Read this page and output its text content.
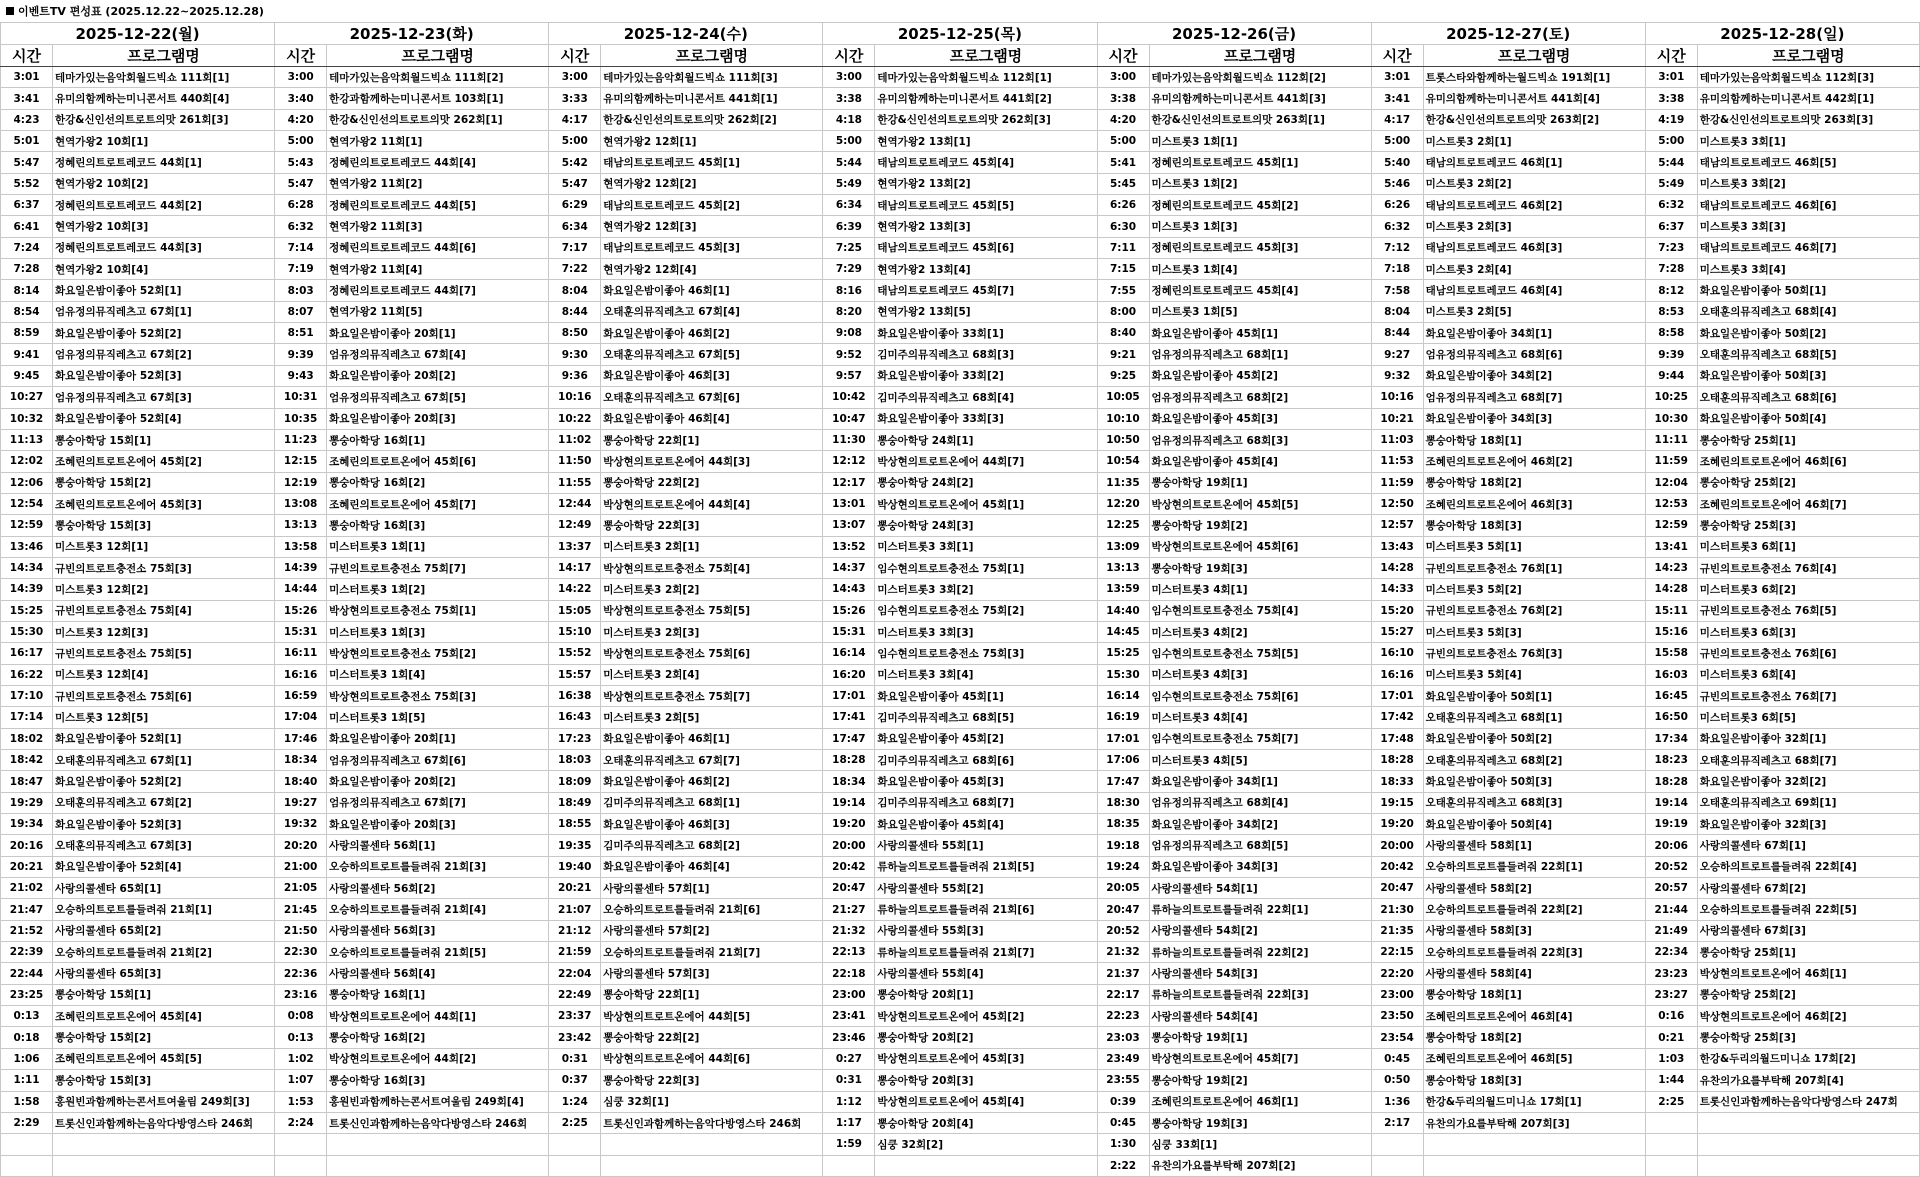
이벤트TV 편성표 (2025.12.22~2025.12.28)
2025-12-22(월)		2025-12-23(화)		2025-12-24(수)		2025-12-25(목)		2025-12-26(금)		2025-12-27(토)		2025-12-28(일)	
시간	프로그램명	시간	프로그램명	시간	프로그램명	시간	프로그램명	시간	프로그램명	시간	프로그램명	시간	프로그램명
3:01	테마가있는음악회월드빅쇼 111회[1]	3:00	테마가있는음악회월드빅쇼 111회[2]	3:00	테마가있는음악회월드빅쇼 111회[3]	3:00	테마가있는음악회월드빅쇼 112회[1]	3:00	테마가있는음악회월드빅쇼 112회[2]	3:01	트롯스타와함께하는월드빅쇼 191회[1]	3:01	테마가있는음악회월드빅쇼 112회[3]
3:41	유미의함께하는미니콘서트 440회[4]	3:40	한강과함께하는미니콘서트 103회[1]	3:33	유미의함께하는미니콘서트 441회[1]	3:38	유미의함께하는미니콘서트 441회[2]	3:38	유미의함께하는미니콘서트 441회[3]	3:41	유미의함께하는미니콘서트 441회[4]	3:38	유미의함께하는미니콘서트 442회[1]
4:23	한강&신인선의트로트의맛 261회[3]	4:20	한강&신인선의트로트의맛 262회[1]	4:17	한강&신인선의트로트의맛 262회[2]	4:18	한강&신인선의트로트의맛 262회[3]	4:20	한강&신인선의트로트의맛 263회[1]	4:17	한강&신인선의트로트의맛 263회[2]	4:19	한강&신인선의트로트의맛 263회[3]
5:01	현역가왕2 10회[1]	5:00	현역가왕2 11회[1]	5:00	현역가왕2 12회[1]	5:00	현역가왕2 13회[1]	5:00	미스트롯3 1회[1]	5:00	미스트롯3 2회[1]	5:00	미스트롯3 3회[1]
5:47	정혜린의트로트레코드 44회[1]	5:43	정혜린의트로트레코드 44회[4]	5:42	태남의트로트레코드 45회[1]	5:44	태남의트로트레코드 45회[4]	5:41	정혜린의트로트레코드 45회[1]	5:40	태남의트로트레코드 46회[1]	5:44	태남의트로트레코드 46회[5]
5:52	현역가왕2 10회[2]	5:47	현역가왕2 11회[2]	5:47	현역가왕2 12회[2]	5:49	현역가왕2 13회[2]	5:45	미스트롯3 1회[2]	5:46	미스트롯3 2회[2]	5:49	미스트롯3 3회[2]
6:37	정혜린의트로트레코드 44회[2]	6:28	정혜린의트로트레코드 44회[5]	6:29	태남의트로트레코드 45회[2]	6:34	태남의트로트레코드 45회[5]	6:26	정혜린의트로트레코드 45회[2]	6:26	태남의트로트레코드 46회[2]	6:32	태남의트로트레코드 46회[6]
6:41	현역가왕2 10회[3]	6:32	현역가왕2 11회[3]	6:34	현역가왕2 12회[3]	6:39	현역가왕2 13회[3]	6:30	미스트롯3 1회[3]	6:32	미스트롯3 2회[3]	6:37	미스트롯3 3회[3]
7:24	정혜린의트로트레코드 44회[3]	7:14	정혜린의트로트레코드 44회[6]	7:17	태남의트로트레코드 45회[3]	7:25	태남의트로트레코드 45회[6]	7:11	정혜린의트로트레코드 45회[3]	7:12	태남의트로트레코드 46회[3]	7:23	태남의트로트레코드 46회[7]
7:28	현역가왕2 10회[4]	7:19	현역가왕2 11회[4]	7:22	현역가왕2 12회[4]	7:29	현역가왕2 13회[4]	7:15	미스트롯3 1회[4]	7:18	미스트롯3 2회[4]	7:28	미스트롯3 3회[4]
8:14	화요일은밤이좋아 52회[1]	8:03	정혜린의트로트레코드 44회[7]	8:04	화요일은밤이좋아 46회[1]	8:16	태남의트로트레코드 45회[7]	7:55	정혜린의트로트레코드 45회[4]	7:58	태남의트로트레코드 46회[4]	8:12	화요일은밤이좋아 50회[1]
8:54	엄유정의뮤직레츠고 67회[1]	8:07	현역가왕2 11회[5]	8:44	오태훈의뮤직레츠고 67회[4]	8:20	현역가왕2 13회[5]	8:00	미스트롯3 1회[5]	8:04	미스트롯3 2회[5]	8:53	오태훈의뮤직레츠고 68회[4]
8:59	화요일은밤이좋아 52회[2]	8:51	화요일은밤이좋아 20회[1]	8:50	화요일은밤이좋아 46회[2]	9:08	화요일은밤이좋아 33회[1]	8:40	화요일은밤이좋아 45회[1]	8:44	화요일은밤이좋아 34회[1]	8:58	화요일은밤이좋아 50회[2]
9:41	엄유정의뮤직레츠고 67회[2]	9:39	엄유정의뮤직레츠고 67회[4]	9:30	오태훈의뮤직레츠고 67회[5]	9:52	김미주의뮤직레츠고 68회[3]	9:21	엄유정의뮤직레츠고 68회[1]	9:27	엄유정의뮤직레츠고 68회[6]	9:39	오태훈의뮤직레츠고 68회[5]
9:45	화요일은밤이좋아 52회[3]	9:43	화요일은밤이좋아 20회[2]	9:36	화요일은밤이좋아 46회[3]	9:57	화요일은밤이좋아 33회[2]	9:25	화요일은밤이좋아 45회[2]	9:32	화요일은밤이좋아 34회[2]	9:44	화요일은밤이좋아 50회[3]
10:27	엄유정의뮤직레츠고 67회[3]	10:31	엄유정의뮤직레츠고 67회[5]	10:16	오태훈의뮤직레츠고 67회[6]	10:42	김미주의뮤직레츠고 68회[4]	10:05	엄유정의뮤직레츠고 68회[2]	10:16	엄유정의뮤직레츠고 68회[7]	10:25	오태훈의뮤직레츠고 68회[6]
10:32	화요일은밤이좋아 52회[4]	10:35	화요일은밤이좋아 20회[3]	10:22	화요일은밤이좋아 46회[4]	10:47	화요일은밤이좋아 33회[3]	10:10	화요일은밤이좋아 45회[3]	10:21	화요일은밤이좋아 34회[3]	10:30	화요일은밤이좋아 50회[4]
11:13	뽕숭아학당 15회[1]	11:23	뽕숭아학당 16회[1]	11:02	뽕숭아학당 22회[1]	11:30	뽕숭아학당 24회[1]	10:50	엄유정의뮤직레츠고 68회[3]	11:03	뽕숭아학당 18회[1]	11:11	뽕숭아학당 25회[1]
12:02	조혜린의트로트온에어 45회[2]	12:15	조혜린의트로트온에어 45회[6]	11:50	박상현의트로트온에어 44회[3]	12:12	박상현의트로트온에어 44회[7]	10:54	화요일은밤이좋아 45회[4]	11:53	조혜린의트로트온에어 46회[2]	11:59	조혜린의트로트온에어 46회[6]
12:06	뽕숭아학당 15회[2]	12:19	뽕숭아학당 16회[2]	11:55	뽕숭아학당 22회[2]	12:17	뽕숭아학당 24회[2]	11:35	뽕숭아학당 19회[1]	11:59	뽕숭아학당 18회[2]	12:04	뽕숭아학당 25회[2]
12:54	조혜린의트로트온에어 45회[3]	13:08	조혜린의트로트온에어 45회[7]	12:44	박상현의트로트온에어 44회[4]	13:01	박상현의트로트온에어 45회[1]	12:20	박상현의트로트온에어 45회[5]	12:50	조혜린의트로트온에어 46회[3]	12:53	조혜린의트로트온에어 46회[7]
12:59	뽕숭아학당 15회[3]	13:13	뽕숭아학당 16회[3]	12:49	뽕숭아학당 22회[3]	13:07	뽕숭아학당 24회[3]	12:25	뽕숭아학당 19회[2]	12:57	뽕숭아학당 18회[3]	12:59	뽕숭아학당 25회[3]
13:46	미스트롯3 12회[1]	13:58	미스터트롯3 1회[1]	13:37	미스터트롯3 2회[1]	13:52	미스터트롯3 3회[1]	13:09	박상현의트로트온에어 45회[6]	13:43	미스터트롯3 5회[1]	13:41	미스터트롯3 6회[1]
14:34	규빈의트로트충전소 75회[3]	14:39	규빈의트로트충전소 75회[7]	14:17	박상현의트로트충전소 75회[4]	14:37	임수현의트로트충전소 75회[1]	13:13	뽕숭아학당 19회[3]	14:28	규빈의트로트충전소 76회[1]	14:23	규빈의트로트충전소 76회[4]
14:39	미스트롯3 12회[2]	14:44	미스터트롯3 1회[2]	14:22	미스터트롯3 2회[2]	14:43	미스터트롯3 3회[2]	13:59	미스터트롯3 4회[1]	14:33	미스터트롯3 5회[2]	14:28	미스터트롯3 6회[2]
15:25	규빈의트로트충전소 75회[4]	15:26	박상현의트로트충전소 75회[1]	15:05	박상현의트로트충전소 75회[5]	15:26	임수현의트로트충전소 75회[2]	14:40	임수현의트로트충전소 75회[4]	15:20	규빈의트로트충전소 76회[2]	15:11	규빈의트로트충전소 76회[5]
15:30	미스트롯3 12회[3]	15:31	미스터트롯3 1회[3]	15:10	미스터트롯3 2회[3]	15:31	미스터트롯3 3회[3]	14:45	미스터트롯3 4회[2]	15:27	미스터트롯3 5회[3]	15:16	미스터트롯3 6회[3]
16:17	규빈의트로트충전소 75회[5]	16:11	박상현의트로트충전소 75회[2]	15:52	박상현의트로트충전소 75회[6]	16:14	임수현의트로트충전소 75회[3]	15:25	임수현의트로트충전소 75회[5]	16:10	규빈의트로트충전소 76회[3]	15:58	규빈의트로트충전소 76회[6]
16:22	미스트롯3 12회[4]	16:16	미스터트롯3 1회[4]	15:57	미스터트롯3 2회[4]	16:20	미스터트롯3 3회[4]	15:30	미스터트롯3 4회[3]	16:16	미스터트롯3 5회[4]	16:03	미스터트롯3 6회[4]
17:10	규빈의트로트충전소 75회[6]	16:59	박상현의트로트충전소 75회[3]	16:38	박상현의트로트충전소 75회[7]	17:01	화요일은밤이좋아 45회[1]	16:14	임수현의트로트충전소 75회[6]	17:01	화요일은밤이좋아 50회[1]	16:45	규빈의트로트충전소 76회[7]
17:14	미스트롯3 12회[5]	17:04	미스터트롯3 1회[5]	16:43	미스터트롯3 2회[5]	17:41	김미주의뮤직레츠고 68회[5]	16:19	미스터트롯3 4회[4]	17:42	오태훈의뮤직레츠고 68회[1]	16:50	미스터트롯3 6회[5]
18:02	화요일은밤이좋아 52회[1]	17:46	화요일은밤이좋아 20회[1]	17:23	화요일은밤이좋아 46회[1]	17:47	화요일은밤이좋아 45회[2]	17:01	임수현의트로트충전소 75회[7]	17:48	화요일은밤이좋아 50회[2]	17:34	화요일은밤이좋아 32회[1]
18:42	오태훈의뮤직레츠고 67회[1]	18:34	엄유정의뮤직레츠고 67회[6]	18:03	오태훈의뮤직레츠고 67회[7]	18:28	김미주의뮤직레츠고 68회[6]	17:06	미스터트롯3 4회[5]	18:28	오태훈의뮤직레츠고 68회[2]	18:23	오태훈의뮤직레츠고 68회[7]
18:47	화요일은밤이좋아 52회[2]	18:40	화요일은밤이좋아 20회[2]	18:09	화요일은밤이좋아 46회[2]	18:34	화요일은밤이좋아 45회[3]	17:47	화요일은밤이좋아 34회[1]	18:33	화요일은밤이좋아 50회[3]	18:28	화요일은밤이좋아 32회[2]
19:29	오태훈의뮤직레츠고 67회[2]	19:27	엄유정의뮤직레츠고 67회[7]	18:49	김미주의뮤직레츠고 68회[1]	19:14	김미주의뮤직레츠고 68회[7]	18:30	엄유정의뮤직레츠고 68회[4]	19:15	오태훈의뮤직레츠고 68회[3]	19:14	오태훈의뮤직레츠고 69회[1]
19:34	화요일은밤이좋아 52회[3]	19:32	화요일은밤이좋아 20회[3]	18:55	화요일은밤이좋아 46회[3]	19:20	화요일은밤이좋아 45회[4]	18:35	화요일은밤이좋아 34회[2]	19:20	화요일은밤이좋아 50회[4]	19:19	화요일은밤이좋아 32회[3]
20:16	오태훈의뮤직레츠고 67회[3]	20:20	사랑의콜센타 56회[1]	19:35	김미주의뮤직레츠고 68회[2]	20:00	사랑의콜센타 55회[1]	19:18	엄유정의뮤직레츠고 68회[5]	20:00	사랑의콜센타 58회[1]	20:06	사랑의콜센타 67회[1]
20:21	화요일은밤이좋아 52회[4]	21:00	오승하의트로트를들려줘 21회[3]	19:40	화요일은밤이좋아 46회[4]	20:42	류하늘의트로트를들려줘 21회[5]	19:24	화요일은밤이좋아 34회[3]	20:42	오승하의트로트를들려줘 22회[1]	20:52	오승하의트로트를들려줘 22회[4]
21:02	사랑의콜센타 65회[1]	21:05	사랑의콜센타 56회[2]	20:21	사랑의콜센타 57회[1]	20:47	사랑의콜센타 55회[2]	20:05	사랑의콜센타 54회[1]	20:47	사랑의콜센타 58회[2]	20:57	사랑의콜센타 67회[2]
21:47	오승하의트로트를들려줘 21회[1]	21:45	오승하의트로트를들려줘 21회[4]	21:07	오승하의트로트를들려줘 21회[6]	21:27	류하늘의트로트를들려줘 21회[6]	20:47	류하늘의트로트를들려줘 22회[1]	21:30	오승하의트로트를들려줘 22회[2]	21:44	오승하의트로트를들려줘 22회[5]
21:52	사랑의콜센타 65회[2]	21:50	사랑의콜센타 56회[3]	21:12	사랑의콜센타 57회[2]	21:32	사랑의콜센타 55회[3]	20:52	사랑의콜센타 54회[2]	21:35	사랑의콜센타 58회[3]	21:49	사랑의콜센타 67회[3]
22:39	오승하의트로트를들려줘 21회[2]	22:30	오승하의트로트를들려줘 21회[5]	21:59	오승하의트로트를들려줘 21회[7]	22:13	류하늘의트로트를들려줘 21회[7]	21:32	류하늘의트로트를들려줘 22회[2]	22:15	오승하의트로트를들려줘 22회[3]	22:34	뽕숭아학당 25회[1]
22:44	사랑의콜센타 65회[3]	22:36	사랑의콜센타 56회[4]	22:04	사랑의콜센타 57회[3]	22:18	사랑의콜센타 55회[4]	21:37	사랑의콜센타 54회[3]	22:20	사랑의콜센타 58회[4]	23:23	박상현의트로트온에어 46회[1]
23:25	뽕숭아학당 15회[1]	23:16	뽕숭아학당 16회[1]	22:49	뽕숭아학당 22회[1]	23:00	뽕숭아학당 20회[1]	22:17	류하늘의트로트를들려줘 22회[3]	23:00	뽕숭아학당 18회[1]	23:27	뽕숭아학당 25회[2]
0:13	조혜린의트로트온에어 45회[4]	0:08	박상현의트로트온에어 44회[1]	23:37	박상현의트로트온에어 44회[5]	23:41	박상현의트로트온에어 45회[2]	22:23	사랑의콜센타 54회[4]	23:50	조혜린의트로트온에어 46회[4]	0:16	박상현의트로트온에어 46회[2]
0:18	뽕숭아학당 15회[2]	0:13	뽕숭아학당 16회[2]	23:42	뽕숭아학당 22회[2]	23:46	뽕숭아학당 20회[2]	23:03	뽕숭아학당 19회[1]	23:54	뽕숭아학당 18회[2]	0:21	뽕숭아학당 25회[3]
1:06	조혜린의트로트온에어 45회[5]	1:02	박상현의트로트온에어 44회[2]	0:31	박상현의트로트온에어 44회[6]	0:27	박상현의트로트온에어 45회[3]	23:49	박상현의트로트온에어 45회[7]	0:45	조혜린의트로트온에어 46회[5]	1:03	한강&두리의월드미니쇼 17회[2]
1:11	뽕숭아학당 15회[3]	1:07	뽕숭아학당 16회[3]	0:37	뽕숭아학당 22회[3]	0:31	뽕숭아학당 20회[3]	23:55	뽕숭아학당 19회[2]	0:50	뽕숭아학당 18회[3]	1:44	유찬의가요를부탁해 207회[4]
1:58	홍원빈과함께하는콘서트여울림 249회[3]	1:53	홍원빈과함께하는콘서트여울림 249회[4]	1:24	심쿵 32회[1]	1:12	박상현의트로트온에어 45회[4]	0:39	조혜린의트로트온에어 46회[1]	1:36	한강&두리의월드미니쇼 17회[1]	2:25	트롯신인과함께하는음악다방영스타 247회
2:29	트롯신인과함께하는음악다방영스타 246회	2:24	트롯신인과함께하는음악다방영스타 246회	2:25	트롯신인과함께하는음악다방영스타 246회	1:17	뽕숭아학당 20회[4]	0:45	뽕숭아학당 19회[3]	2:17	유찬의가요를부탁해 207회[3]		
						1:59	심쿵 32회[2]	1:30	심쿵 33회[1]				
								2:22	유찬의가요를부탁해 207회[2]				
